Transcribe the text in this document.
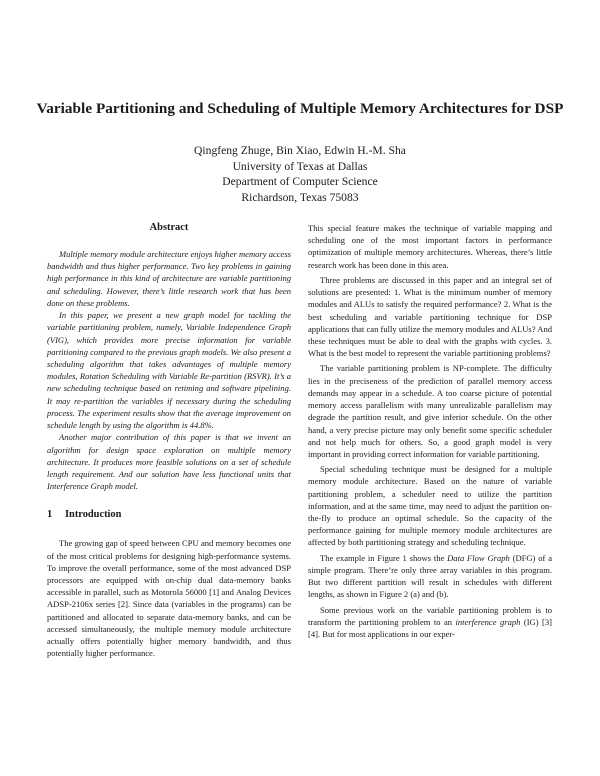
Variable Partitioning and Scheduling of Multiple Memory Architectures for DSP
Qingfeng Zhuge, Bin Xiao, Edwin H.-M. Sha
University of Texas at Dallas
Department of Computer Science
Richardson, Texas 75083
Abstract

Multiple memory module architecture enjoys higher memory access bandwidth and thus higher performance. Two key problems in gaining high performance in this kind of architecture are variable partitioning and scheduling. However, there’s little research work that has been done on these problems.

In this paper, we present a new graph model for tackling the variable partitioning problem, namely, Variable Independence Graph (VIG), which provides more precise information for variable partitioning compared to the previous graph models. We also present a scheduling algorithm that takes advantages of multiple memory modules, Rotation Scheduling with Variable Re-partition (RSVR). It’s a new scheduling technique based on retiming and software pipelining. It may re-partition the variables if necessary during the scheduling process. The experiment results show that the average improvement on schedule length by using the algorithm is 44.8%.

Another major contribution of this paper is that we invent an algorithm for design space exploration on multiple memory architecture. It produces more feasible solutions on a set of schedule length requirement. And our solution have less functional units that Interference Graph model.

1 Introduction

The growing gap of speed between CPU and memory becomes one of the most critical problems for designing high-performance systems. To improve the overall performance, some of the most advanced DSP processors are equipped with on-chip dual data-memory banks accessible in parallel, such as Motorola 56000 [1] and Analog Devices ADSP-2106x series [2]. Since data (variables in the programs) can be partitioned and allocated to separate data-memory banks, and can be accessed simultaneously, the multiple memory module architecture actually offers potentially higher memory bandwidth, and thus potentially higher performance.

This special feature makes the technique of variable mapping and scheduling one of the most important factors in performance optimization of multiple memory architectures. Whereas, there’s little research work has been done in this area.

Three problems are discussed in this paper and an integral set of solutions are presented: 1. What is the minimum number of memory modules and ALUs to satisfy the required performance? 2. What is the best scheduling and variable partitioning technique for DSP applications that can fully utilize the memory modules and ALUs? And these techniques must be able to deal with the graphs with cycles. 3. What is the best model to represent the variable partitioning problems?

The variable partitioning problem is NP-complete. The difficulty lies in the preciseness of the prediction of parallel memory access demands may appear in a schedule. A too coarse picture of potential memory access parallelism with many unrealizable parallelism may degrade the partition result, and give inferior schedule. On the other hand, a very precise picture may only benefit some specific scheduler and not help much for others. So, a good graph model is very important in providing correct information for variable partitioning.

Special scheduling technique must be designed for a multiple memory module architecture. Based on the nature of variable partitioning problem, a scheduler need to utilize the partition information, and at the same time, may need to adjust the partition on-the-fly to produce an optimal schedule. So the capacity of the performance gaining for multiple memory module architectures are affected by both partitioning strategy and scheduling technique.

The example in Figure 1 shows the Data Flow Graph (DFG) of a simple program. There’re only three array variables in this program. But two different partition will result in schedules with different lengths, as shown in Figure 2 (a) and (b).

Some previous work on the variable partitioning problem is to transform the partitioning problem to an interference graph (IG) [3] [4]. But for most applications in our exper-
